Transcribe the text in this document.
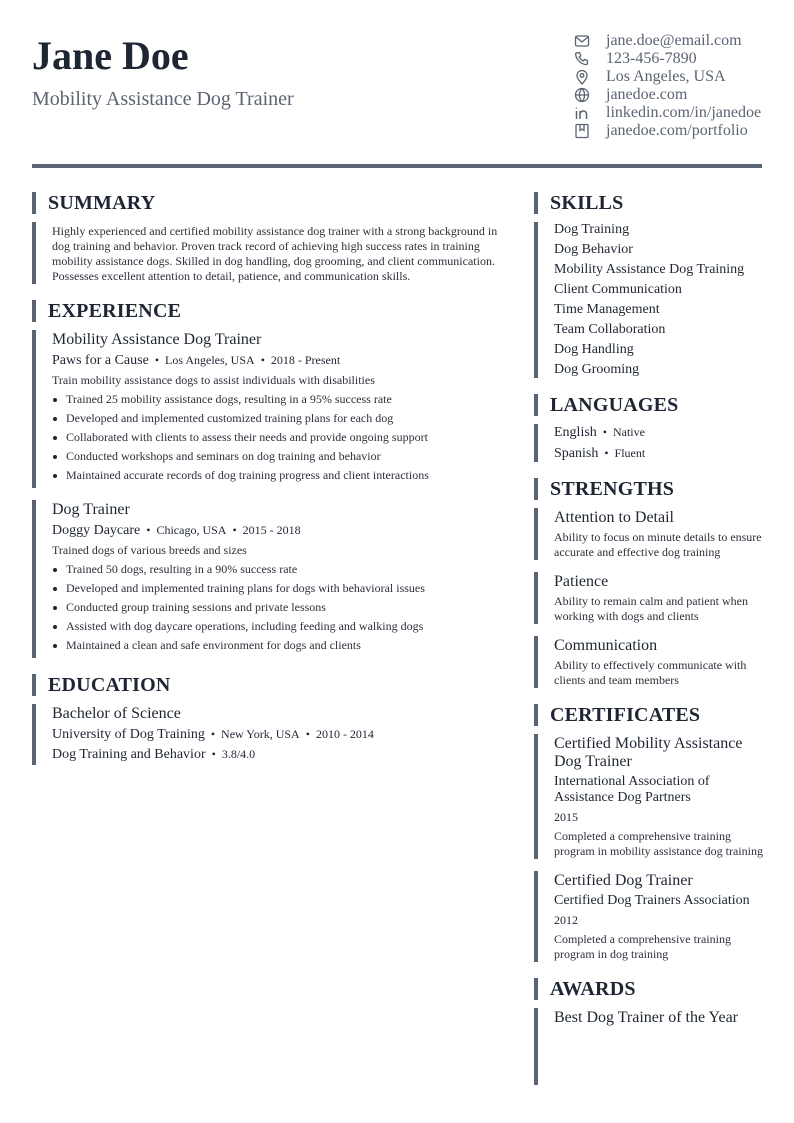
Jane Doe
Mobility Assistance Dog Trainer
jane.doe@email.com
123-456-7890
Los Angeles, USA
janedoe.com
linkedin.com/in/janedoe
janedoe.com/portfolio
SUMMARY
Highly experienced and certified mobility assistance dog trainer with a strong background in dog training and behavior. Proven track record of achieving high success rates in training mobility assistance dogs. Skilled in dog handling, dog grooming, and client communication. Possesses excellent attention to detail, patience, and communication skills.
EXPERIENCE
Mobility Assistance Dog Trainer
Paws for a Cause • Los Angeles, USA • 2018 - Present
Train mobility assistance dogs to assist individuals with disabilities
Trained 25 mobility assistance dogs, resulting in a 95% success rate
Developed and implemented customized training plans for each dog
Collaborated with clients to assess their needs and provide ongoing support
Conducted workshops and seminars on dog training and behavior
Maintained accurate records of dog training progress and client interactions
Dog Trainer
Doggy Daycare • Chicago, USA • 2015 - 2018
Trained dogs of various breeds and sizes
Trained 50 dogs, resulting in a 90% success rate
Developed and implemented training plans for dogs with behavioral issues
Conducted group training sessions and private lessons
Assisted with dog daycare operations, including feeding and walking dogs
Maintained a clean and safe environment for dogs and clients
EDUCATION
Bachelor of Science
University of Dog Training • New York, USA • 2010 - 2014
Dog Training and Behavior • 3.8/4.0
SKILLS
Dog Training
Dog Behavior
Mobility Assistance Dog Training
Client Communication
Time Management
Team Collaboration
Dog Handling
Dog Grooming
LANGUAGES
English • Native
Spanish • Fluent
STRENGTHS
Attention to Detail
Ability to focus on minute details to ensure accurate and effective dog training
Patience
Ability to remain calm and patient when working with dogs and clients
Communication
Ability to effectively communicate with clients and team members
CERTIFICATES
Certified Mobility Assistance Dog Trainer
International Association of Assistance Dog Partners
2015
Completed a comprehensive training program in mobility assistance dog training
Certified Dog Trainer
Certified Dog Trainers Association
2012
Completed a comprehensive training program in dog training
AWARDS
Best Dog Trainer of the Year
